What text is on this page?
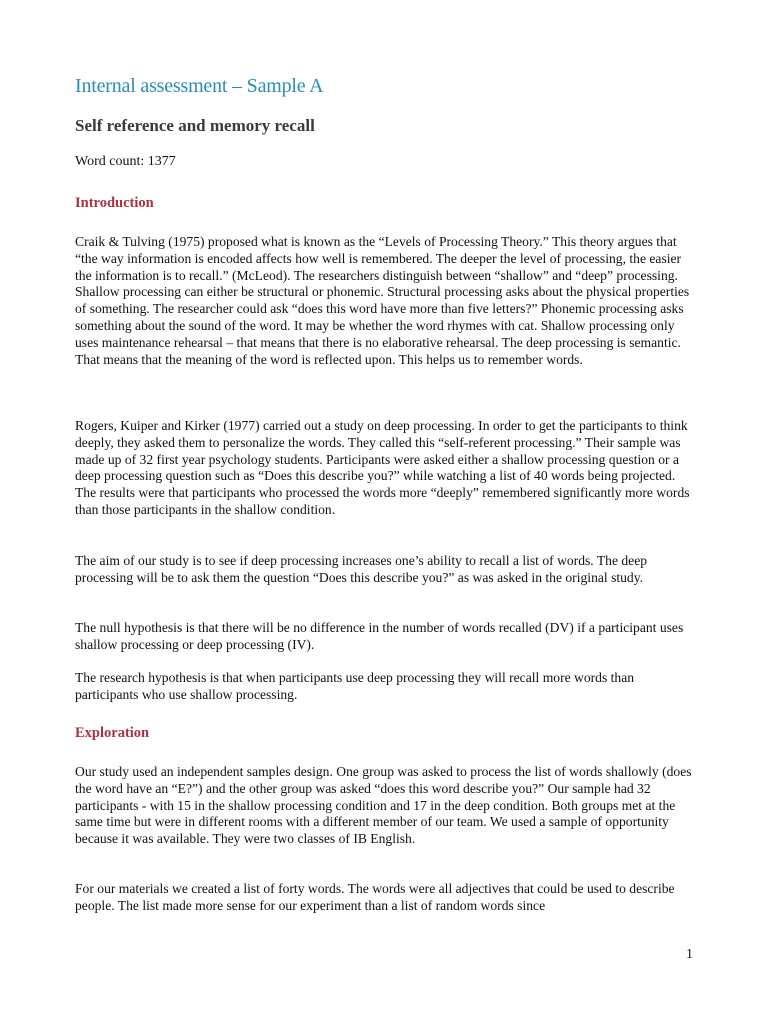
Internal assessment – Sample A
Self reference and memory recall

Word count: 1377

Introduction

Craik & Tulving (1975) proposed what is known as the “Levels of Processing Theory.” This theory argues that “the way information is encoded affects how well is remembered. The deeper the level of processing, the easier the information is to recall.” (McLeod). The researchers distinguish between “shallow” and “deep” processing. Shallow processing can either be structural or phonemic. Structural processing asks about the physical properties of something. The researcher could ask “does this word have more than five letters?” Phonemic processing asks something about the sound of the word. It may be whether the word rhymes with cat. Shallow processing only uses maintenance rehearsal – that means that there is no elaborative rehearsal. The deep processing is semantic. That means that the meaning of the word is reflected upon. This helps us to remember words.

Rogers, Kuiper and Kirker (1977) carried out a study on deep processing. In order to get the participants to think deeply, they asked them to personalize the words. They called this “self-referent processing.” Their sample was made up of 32 first year psychology students. Participants were asked either a shallow processing question or a deep processing question such as “Does this describe you?” while watching a list of 40 words being projected. The results were that participants who processed the words more “deeply” remembered significantly more words than those participants in the shallow condition.

The aim of our study is to see if deep processing increases one’s ability to recall a list of words. The deep processing will be to ask them the question “Does this describe you?” as was asked in the original study.

The null hypothesis is that there will be no difference in the number of words recalled (DV) if a participant uses shallow processing or deep processing (IV).

The research hypothesis is that when participants use deep processing they will recall more words than participants who use shallow processing.

Exploration

Our study used an independent samples design. One group was asked to process the list of words shallowly (does the word have an “E?”) and the other group was asked “does this word describe you?” Our sample had 32 participants - with 15 in the shallow processing condition and 17 in the deep condition. Both groups met at the same time but were in different rooms with a different member of our team. We used a sample of opportunity because it was available. They were two classes of IB English.

For our materials we created a list of forty words. The words were all adjectives that could be used to describe people. The list made more sense for our experiment than a list of random words since

1
